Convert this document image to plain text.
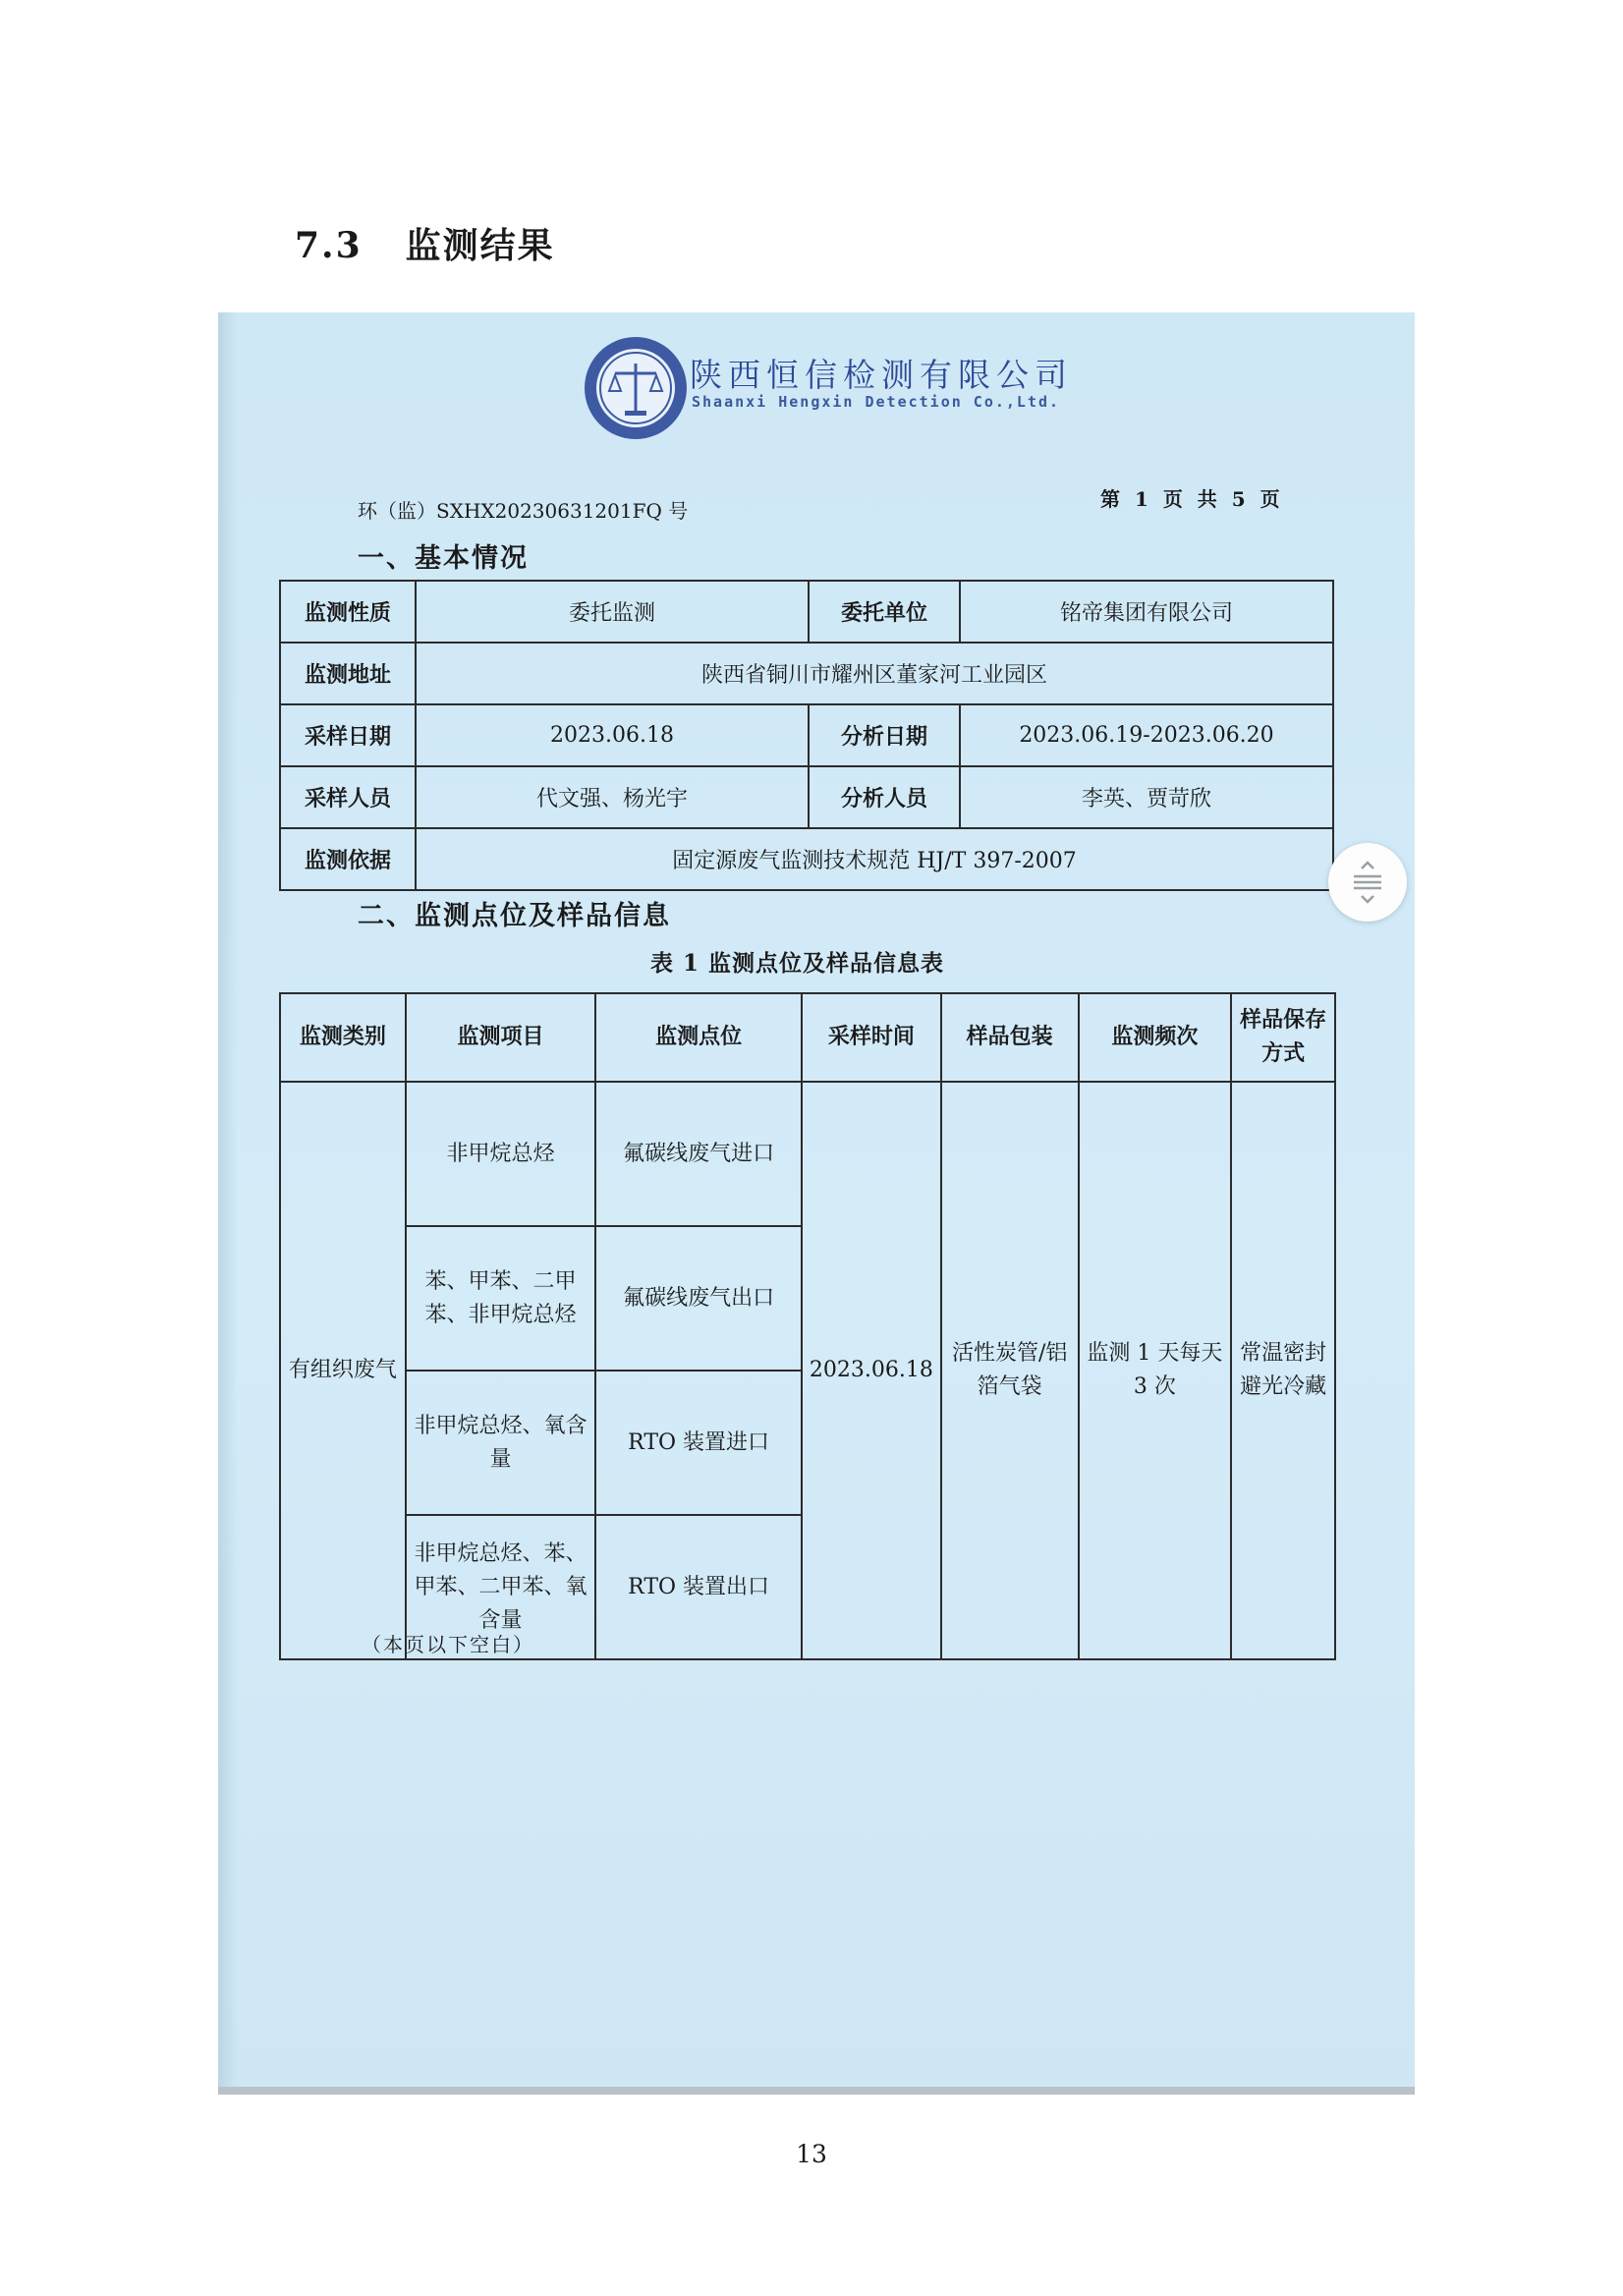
7.3 监测结果
陕西恒信检测有限公司
Shaanxi Hengxin Detection Co.,Ltd.
环（监）SXHX20230631201FQ 号	第 1 页 共 5 页
一、基本情况
监测性质	委托监测	委托单位	铭帝集团有限公司
监测地址	陕西省铜川市耀州区董家河工业园区		
采样日期	2023.06.18	分析日期	2023.06.19-2023.06.20
采样人员	代文强、杨光宇	分析人员	李英、贾苛欣
监测依据	固定源废气监测技术规范 HJ/T 397-2007		
二、监测点位及样品信息
表 1 监测点位及样品信息表
监测类别	监测项目	监测点位	采样时间	样品包装	监测频次	样品保存方式
有组织废气	非甲烷总烃	氟碳线废气进口	2023.06.18	活性炭管/铝箔气袋	监测 1 天每天 3 次	常温密封避光冷藏
	苯、甲苯、二甲苯、非甲烷总烃	氟碳线废气出口				
	非甲烷总烃、氧含量	RTO 装置进口				
	非甲烷总烃、苯、甲苯、二甲苯、氧含量	RTO 装置出口				
（本页以下空白）
13
